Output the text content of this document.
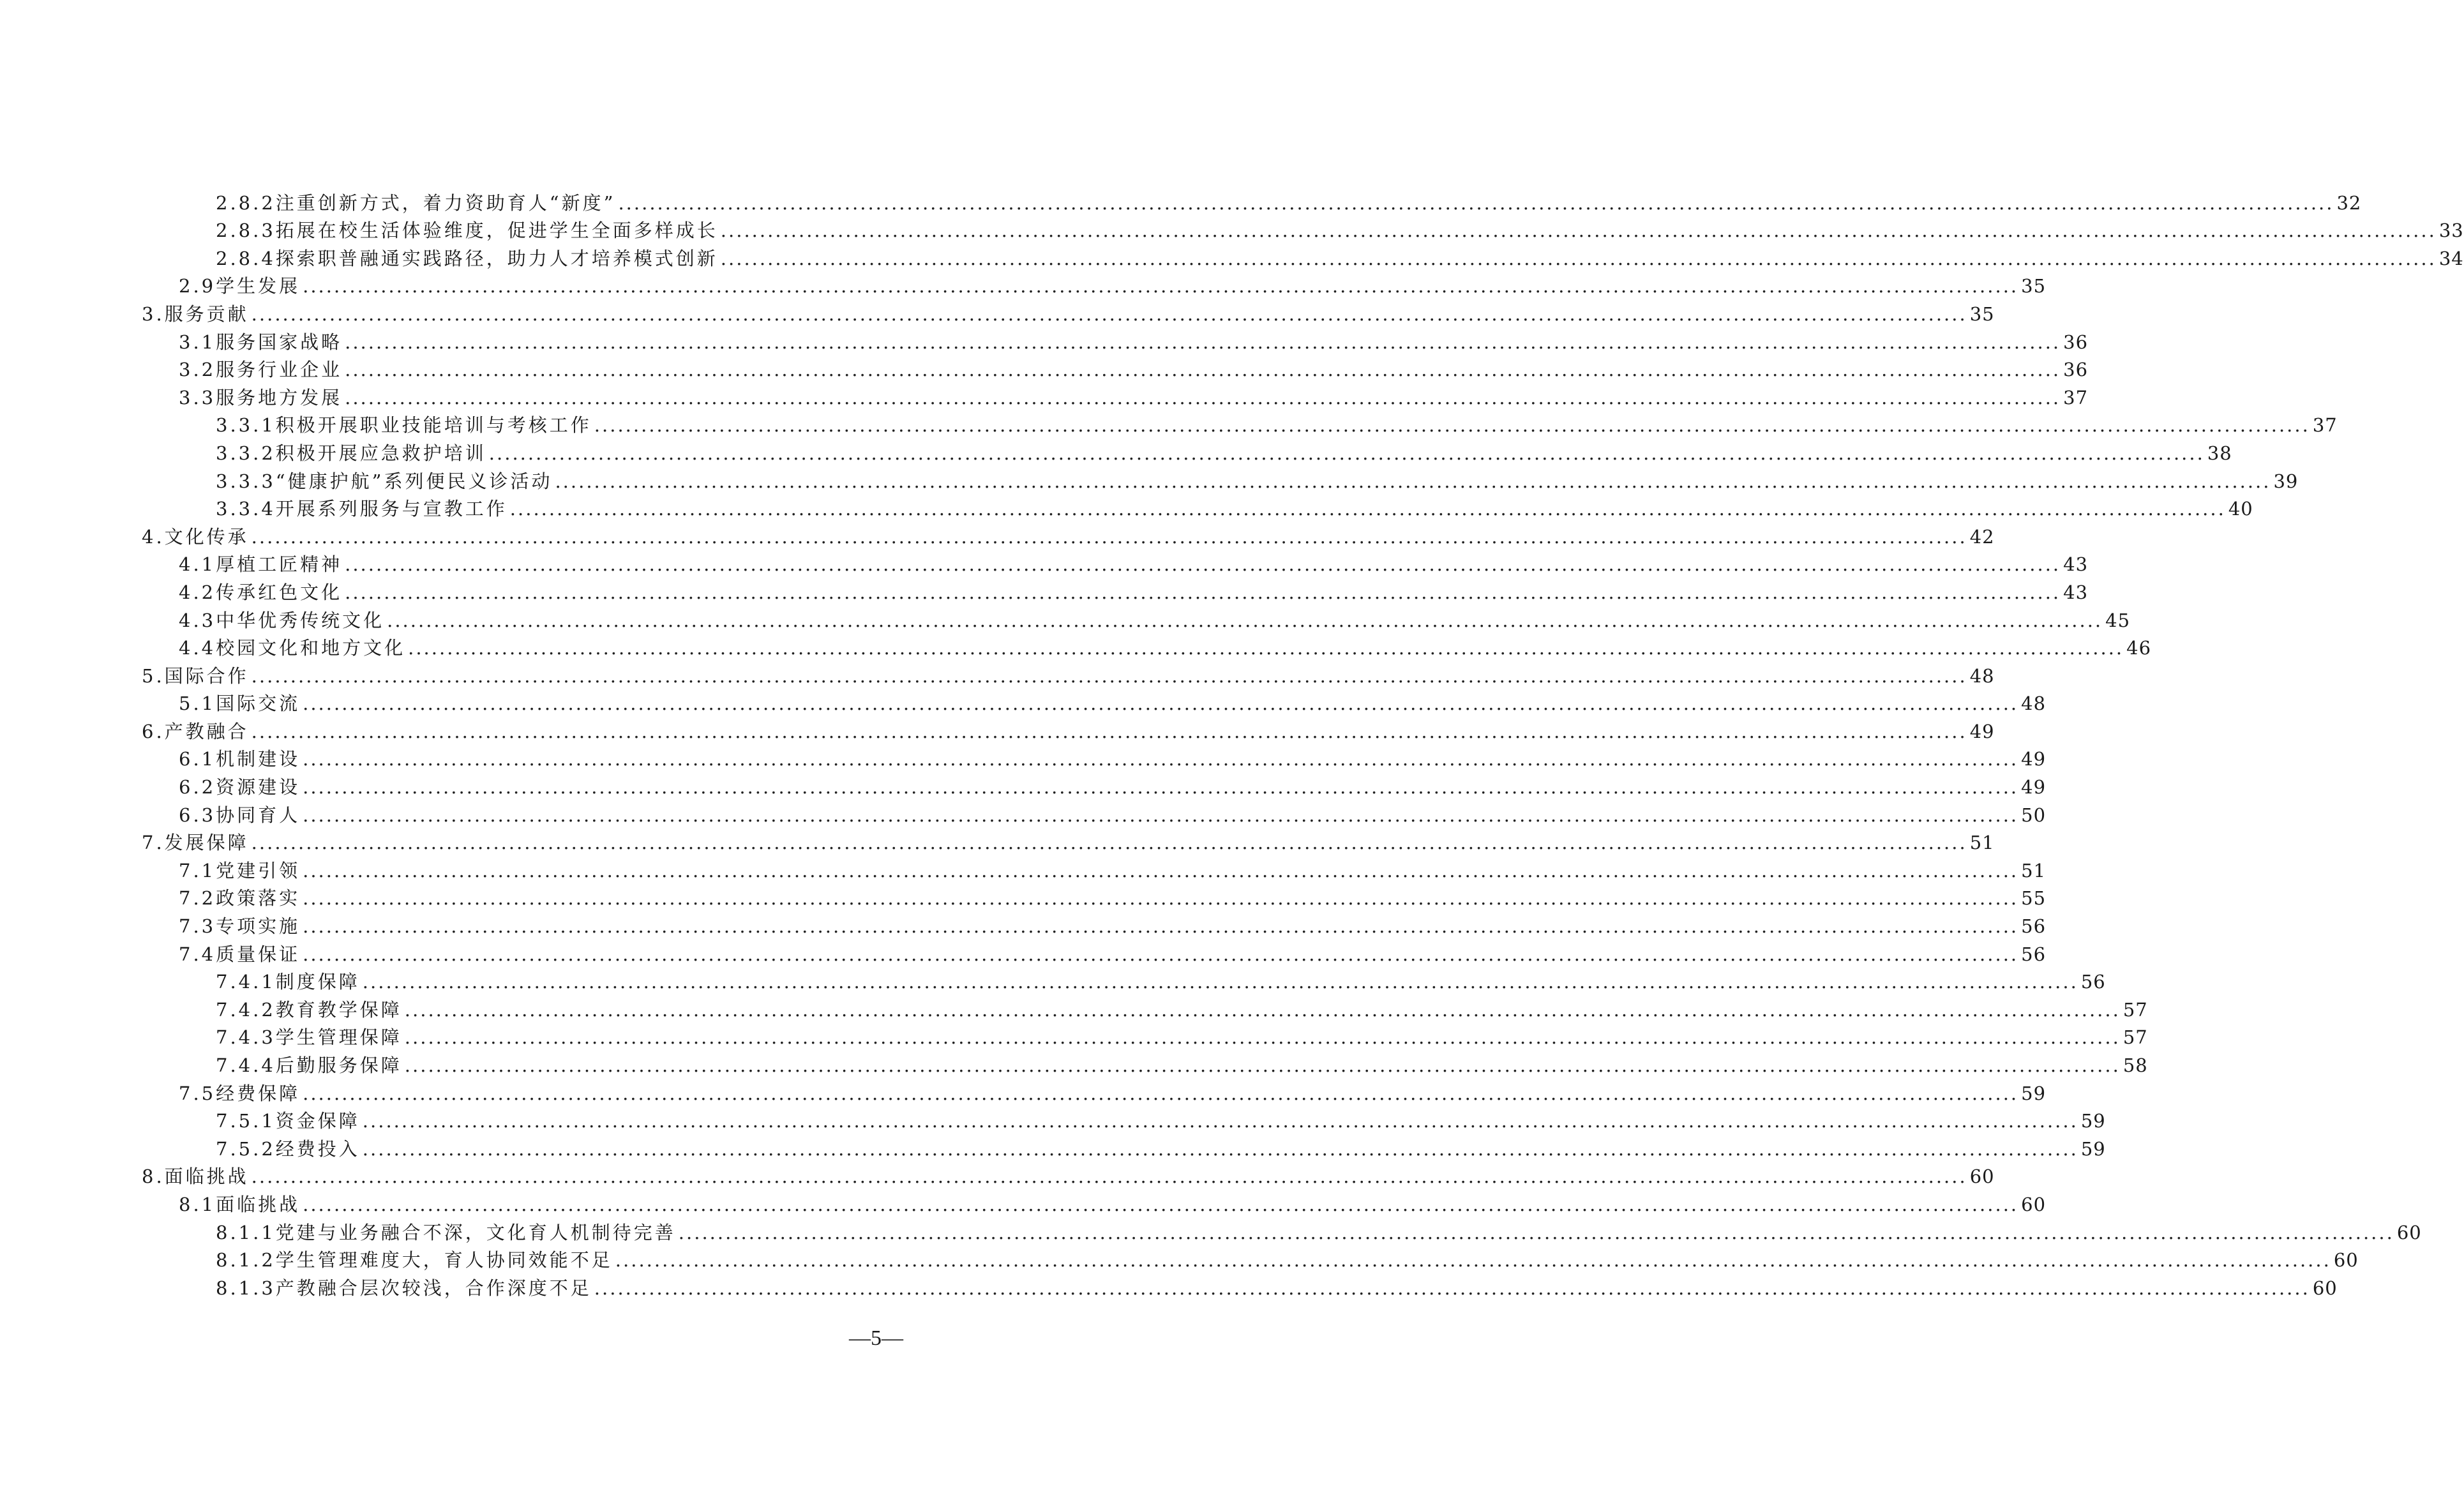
2.8.2注重创新方式，着力资助育人“新度” ............................................................................................................................................................................................................................ 32
2.8.3拓展在校生活体验维度，促进学生全面多样成长 ............................................................................................................................................................................................................................ 33
2.8.4探索职普融通实践路径，助力人才培养模式创新 ............................................................................................................................................................................................................................ 34
2.9学生发展 ............................................................................................................................................................................................................................ 35
3.服务贡献 ............................................................................................................................................................................................................................ 35
3.1服务国家战略 ............................................................................................................................................................................................................................ 36
3.2服务行业企业 ............................................................................................................................................................................................................................ 36
3.3服务地方发展 ............................................................................................................................................................................................................................ 37
3.3.1积极开展职业技能培训与考核工作 ............................................................................................................................................................................................................................ 37
3.3.2积极开展应急救护培训 ............................................................................................................................................................................................................................ 38
3.3.3“健康护航”系列便民义诊活动 ............................................................................................................................................................................................................................ 39
3.3.4开展系列服务与宣教工作 ............................................................................................................................................................................................................................ 40
4.文化传承 ............................................................................................................................................................................................................................ 42
4.1厚植工匠精神 ............................................................................................................................................................................................................................ 43
4.2传承红色文化 ............................................................................................................................................................................................................................ 43
4.3中华优秀传统文化 ............................................................................................................................................................................................................................ 45
4.4校园文化和地方文化 ............................................................................................................................................................................................................................ 46
5.国际合作 ............................................................................................................................................................................................................................ 48
5.1国际交流 ............................................................................................................................................................................................................................ 48
6.产教融合 ............................................................................................................................................................................................................................ 49
6.1机制建设 ............................................................................................................................................................................................................................ 49
6.2资源建设 ............................................................................................................................................................................................................................ 49
6.3协同育人 ............................................................................................................................................................................................................................ 50
7.发展保障 ............................................................................................................................................................................................................................ 51
7.1党建引领 ............................................................................................................................................................................................................................ 51
7.2政策落实 ............................................................................................................................................................................................................................ 55
7.3专项实施 ............................................................................................................................................................................................................................ 56
7.4质量保证 ............................................................................................................................................................................................................................ 56
7.4.1制度保障 ............................................................................................................................................................................................................................ 56
7.4.2教育教学保障 ............................................................................................................................................................................................................................ 57
7.4.3学生管理保障 ............................................................................................................................................................................................................................ 57
7.4.4后勤服务保障 ............................................................................................................................................................................................................................ 58
7.5经费保障 ............................................................................................................................................................................................................................ 59
7.5.1资金保障 ............................................................................................................................................................................................................................ 59
7.5.2经费投入 ............................................................................................................................................................................................................................ 59
8.面临挑战 ............................................................................................................................................................................................................................ 60
8.1面临挑战 ............................................................................................................................................................................................................................ 60
8.1.1党建与业务融合不深，文化育人机制待完善 ............................................................................................................................................................................................................................ 60
8.1.2学生管理难度大，育人协同效能不足 ............................................................................................................................................................................................................................ 60
8.1.3产教融合层次较浅，合作深度不足 ............................................................................................................................................................................................................................ 60
—5—
